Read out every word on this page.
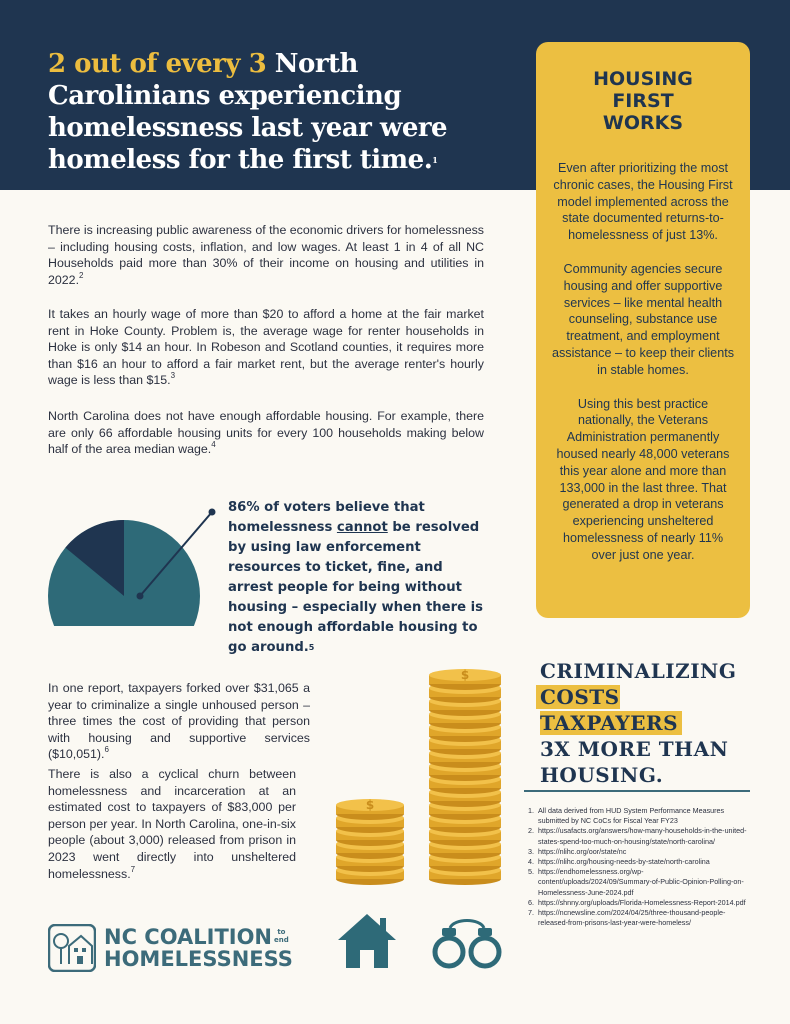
2 out of every 3 North Carolinians experiencing homelessness last year were homeless for the first time.$^1$
HOUSING
FIRST
WORKS

Even after prioritizing the most chronic cases, the Housing First model implemented across the state documented returns-to-homelessness of just 13%.

Community agencies secure housing and offer supportive services – like mental health counseling, substance use treatment, and employment assistance – to keep their clients in stable homes.

Using this best practice nationally, the Veterans Administration permanently housed nearly 48,000 veterans this year alone and more than 133,000 in the last three. That generated a drop in veterans experiencing unsheltered homelessness of nearly 11% over just one year.

There is increasing public awareness of the economic drivers for homelessness – including housing costs, inflation, and low wages. At least 1 in 4 of all NC Households paid more than 30% of their income on housing and utilities in 2022.$^2$

It takes an hourly wage of more than $20 to afford a home at the fair market rent in Hoke County. Problem is, the average wage for renter households in Hoke is only $14 an hour. In Robeson and Scotland counties, it requires more than $16 an hour to afford a fair market rent, but the average renter's hourly wage is less than $15.$^3$

North Carolina does not have enough affordable housing. For example, there are only 66 affordable housing units for every 100 households making below half of the area median wage.$^4$

86% of voters believe that homelessness cannot be resolved by using law enforcement resources to ticket, fine, and arrest people for being without housing – especially when there is not enough affordable housing to go around.$^5$

In one report, taxpayers forked over $31,065 a year to criminalize a single unhoused person – three times the cost of providing that person with housing and supportive services ($10,051).$^6$

There is also a cyclical churn between homelessness and incarceration at an estimated cost to taxpayers of $83,000 per person per year. In North Carolina, one-in-six people (about 3,000) released from prison in 2023 went directly into unsheltered homelessness.$^7$

$
$	CRIMINALIZING
COSTS TAXPAYERS
3X MORE THAN
HOUSING.
1. All data derived from HUD System Performance Measures submitted by NC CoCs for Fiscal Year FY23
2. https://usafacts.org/answers/how-many-households-in-the-united-states-spend-too-much-on-housing/state/north-carolina/
3. https://nlihc.org/oor/state/nc
4. https://nlihc.org/housing-needs-by-state/north-carolina
5. https://endhomelessness.org/wp-content/uploads/2024/09/Summary-of-Public-Opinion-Polling-on-Homelessness-June-2024.pdf
6. https://shnny.org/uploads/Florida-Homelessness-Report-2014.pdf
7. https://ncnewsline.com/2024/04/25/three-thousand-people-released-from-prisons-last-year-were-homeless/
NC COALITION to
end
HOMELESSNESS
